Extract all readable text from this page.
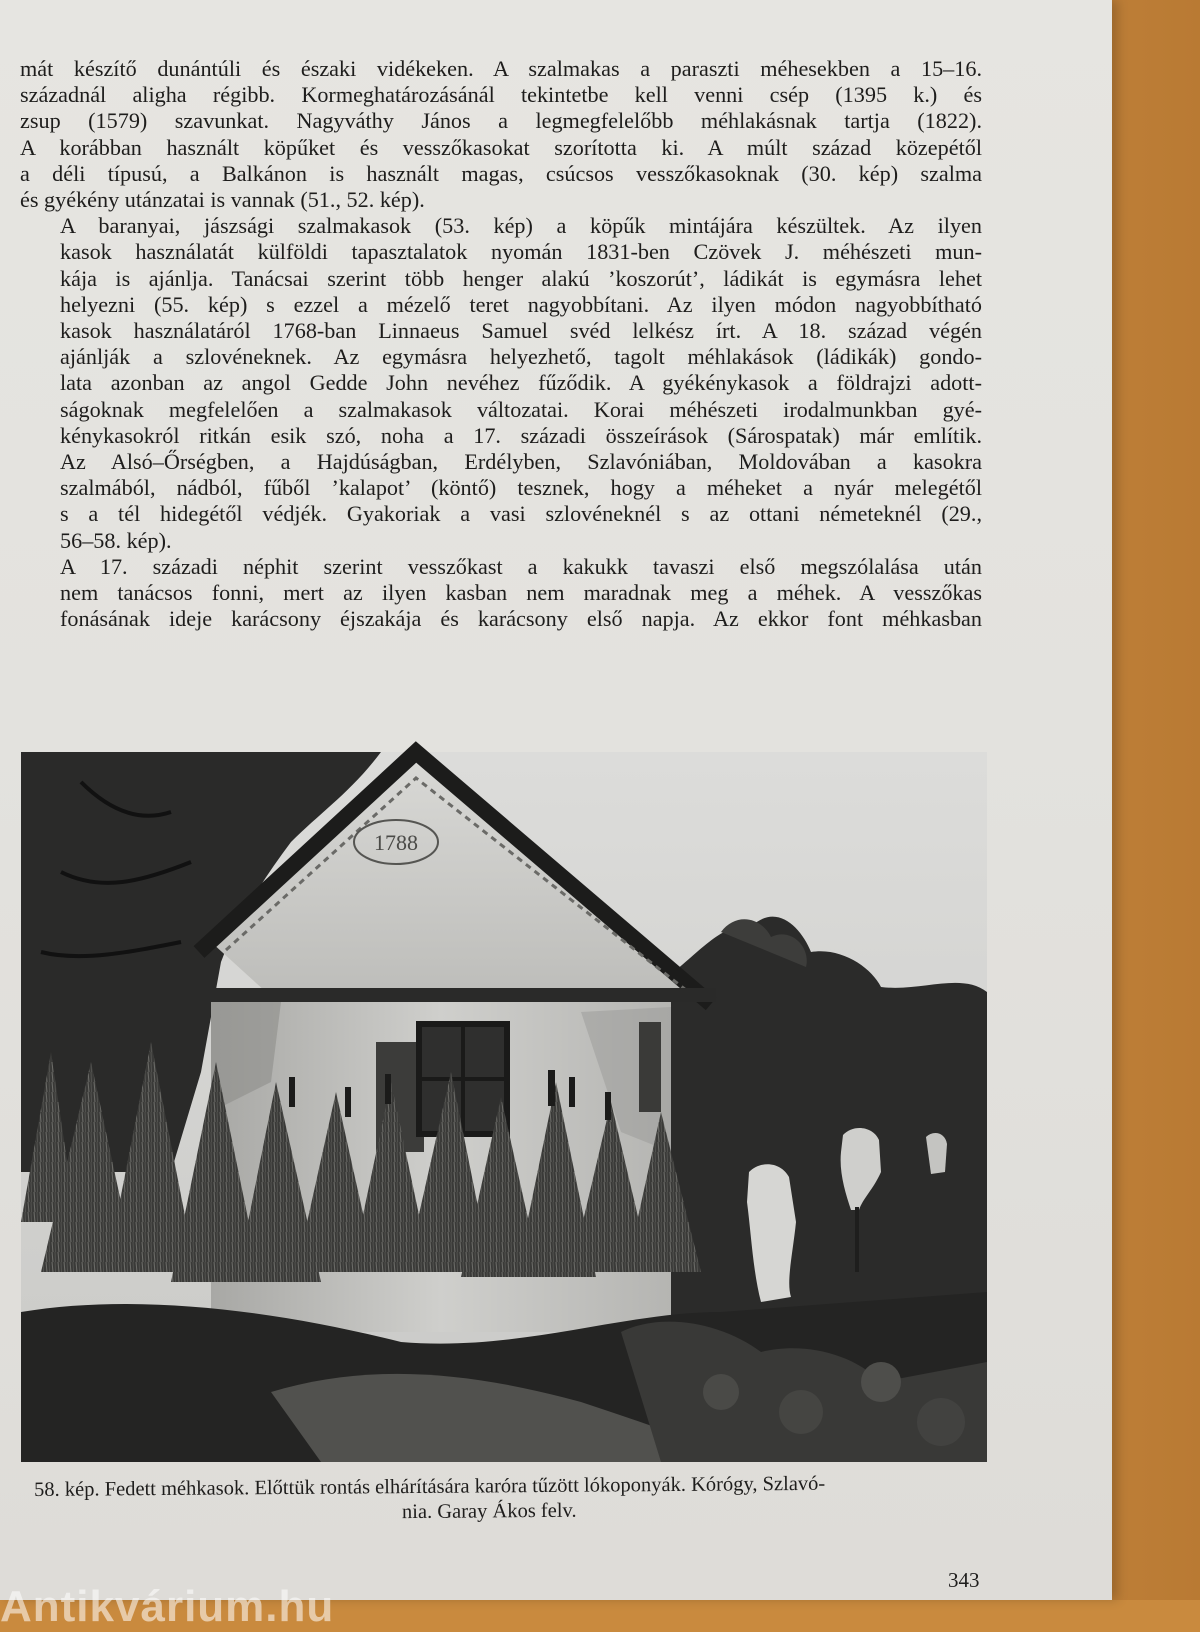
mát készítő dunántúli és északi vidékeken. A szalmakas a paraszti méhesekben a 15–16.
századnál aligha régibb. Kormeghatározásánál tekintetbe kell venni csép (1395 k.) és
zsup (1579) szavunkat. Nagyváthy János a legmegfelelőbb méhlakásnak tartja (1822).
A korábban használt köpűket és vesszőkasokat szorította ki. A múlt század közepétől
a déli típusú, a Balkánon is használt magas, csúcsos vesszőkasoknak (30. kép) szalma
és gyékény utánzatai is vannak (51., 52. kép).

A baranyai, jászsági szalmakasok (53. kép) a köpűk mintájára készültek. Az ilyen
kasok használatát külföldi tapasztalatok nyomán 1831-ben Czövek J. méhészeti mun-
kája is ajánlja. Tanácsai szerint több henger alakú ’koszorút’, ládikát is egymásra lehet
helyezni (55. kép) s ezzel a mézelő teret nagyobbítani. Az ilyen módon nagyobbítható
kasok használatáról 1768-ban Linnaeus Samuel svéd lelkész írt. A 18. század végén
ajánlják a szlovéneknek. Az egymásra helyezhető, tagolt méhlakások (ládikák) gondo-
lata azonban az angol Gedde John nevéhez fűződik. A gyékénykasok a földrajzi adott-
ságoknak megfelelően a szalmakasok változatai. Korai méhészeti irodalmunkban gyé-
kénykasokról ritkán esik szó, noha a 17. századi összeírások (Sárospatak) már említik.
Az Alsó–Őrségben, a Hajdúságban, Erdélyben, Szlavóniában, Moldovában a kasokra
szalmából, nádból, fűből ’kalapot’ (köntő) tesznek, hogy a méheket a nyár melegétől
s a tél hidegétől védjék. Gyakoriak a vasi szlovéneknél s az ottani németeknél (29.,
56–58. kép).

A 17. századi néphit szerint vesszőkast a kakukk tavaszi első megszólalása után
nem tanácsos fonni, mert az ilyen kasban nem maradnak meg a méhek. A vesszőkas
fonásának ideje karácsony éjszakája és karácsony első napja. Az ekkor font méhkasban

1788
58. kép. Fedett méhkasok. Előttük rontás elhárítására karóra tűzött lókoponyák. Kórógy, Szlavó-
nia. Garay Ákos felv.
343
Antikvárium.hu
